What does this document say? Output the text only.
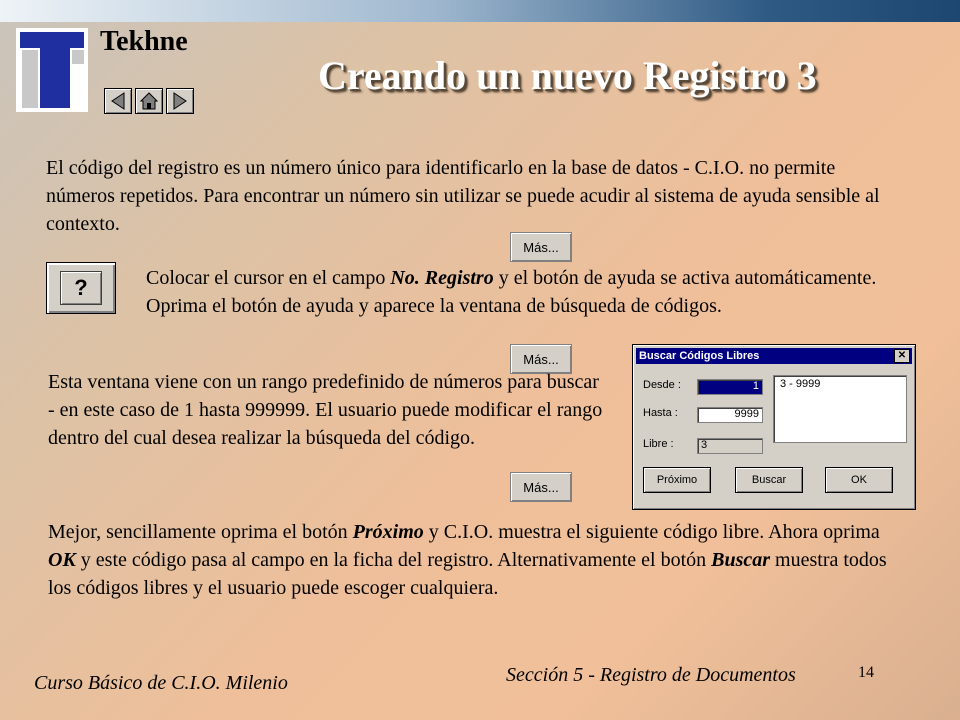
Tekhne
Creando un nuevo Registro 3
El código del registro es un número único para identificarlo en la base de datos - C.I.O. no permite números repetidos. Para encontrar un número sin utilizar se puede acudir al sistema de ayuda sensible al contexto.
Más...
?	Colocar el cursor en el campo No. Registro y el botón de ayuda se activa automáticamente. Oprima el botón de ayuda y aparece la ventana de búsqueda de códigos.
Más...
Esta ventana viene con un rango predefinido de números para buscar - en este caso de 1 hasta 999999. El usuario puede modificar el rango dentro del cual desea realizar la búsqueda del código.
Más...
Buscar Códigos Libres	✕
Desde :	1
Hasta :	9999
Libre :	3
3 - 9999
Próximo	Buscar	OK
Mejor, sencillamente oprima el botón Próximo y C.I.O. muestra el siguiente código libre. Ahora oprima OK y este código pasa al campo en la ficha del registro. Alternativamente el botón Buscar muestra todos los códigos libres y el usuario puede escoger cualquiera.
Curso Básico de C.I.O. Milenio	Sección 5 - Registro de Documentos	14
